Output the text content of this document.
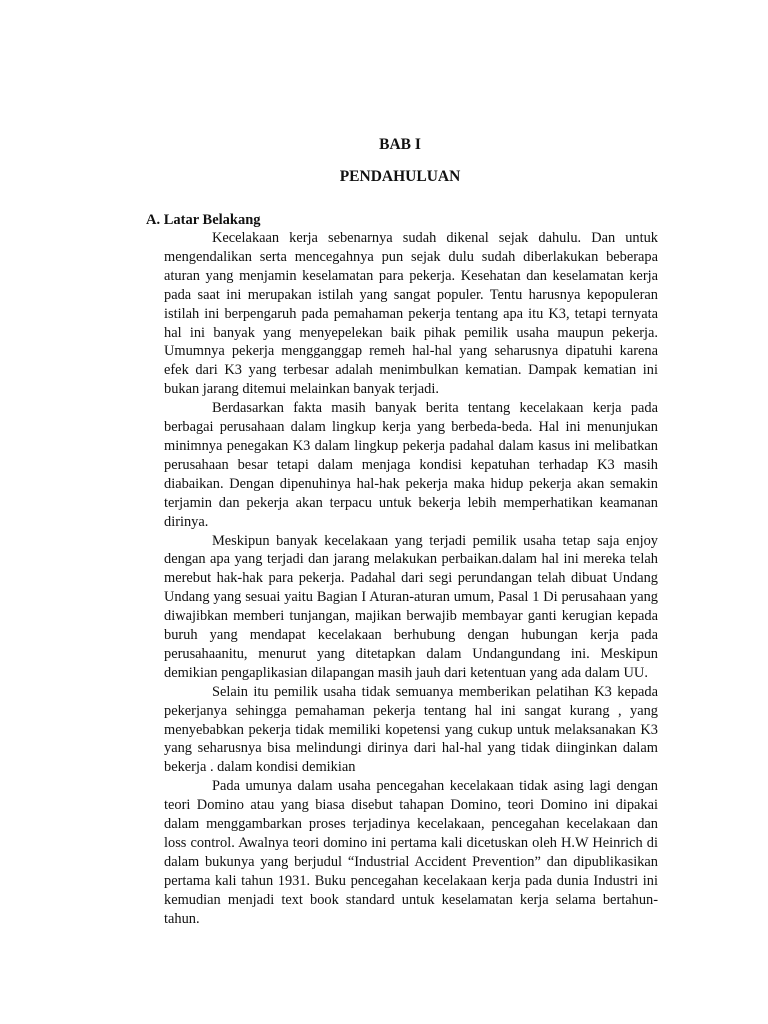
BAB I
PENDAHULUAN
A. Latar Belakang

Kecelakaan kerja sebenarnya sudah dikenal sejak dahulu. Dan untuk mengendalikan serta mencegahnya pun sejak dulu sudah diberlakukan beberapa aturan yang menjamin keselamatan para pekerja. Kesehatan dan keselamatan kerja pada saat ini merupakan istilah yang sangat populer. Tentu harusnya kepopuleran istilah ini berpengaruh pada pemahaman pekerja tentang apa itu K3, tetapi ternyata hal ini banyak yang menyepelekan baik pihak pemilik usaha maupun pekerja. Umumnya pekerja mengganggap remeh hal-hal yang seharusnya dipatuhi karena efek dari K3 yang terbesar adalah menimbulkan kematian. Dampak kematian ini bukan jarang ditemui melainkan banyak terjadi.

Berdasarkan fakta masih banyak berita tentang kecelakaan kerja pada berbagai perusahaan dalam lingkup kerja yang berbeda-beda. Hal ini menunjukan minimnya penegakan K3 dalam lingkup pekerja padahal dalam kasus ini melibatkan perusahaan besar tetapi dalam menjaga kondisi kepatuhan terhadap K3 masih diabaikan. Dengan dipenuhinya hal-hak pekerja maka hidup pekerja akan semakin terjamin dan pekerja akan terpacu untuk bekerja lebih memperhatikan keamanan dirinya.

Meskipun banyak kecelakaan yang terjadi pemilik usaha tetap saja enjoy dengan apa yang terjadi dan jarang melakukan perbaikan.dalam hal ini mereka telah merebut hak-hak para pekerja. Padahal dari segi perundangan telah dibuat Undang Undang yang sesuai yaitu Bagian I Aturan-aturan umum, Pasal 1 Di perusahaan yang diwajibkan memberi tunjangan, majikan berwajib membayar ganti kerugian kepada buruh yang mendapat kecelakaan berhubung dengan hubungan kerja pada perusahaanitu, menurut yang ditetapkan dalam Undangundang ini. Meskipun demikian pengaplikasian dilapangan masih jauh dari ketentuan yang ada dalam UU.

Selain itu pemilik usaha tidak semuanya memberikan pelatihan K3 kepada pekerjanya sehingga pemahaman pekerja tentang hal ini sangat kurang , yang menyebabkan pekerja tidak memiliki kopetensi yang cukup untuk melaksanakan K3 yang seharusnya bisa melindungi dirinya dari hal-hal yang tidak diinginkan dalam bekerja . dalam kondisi demikian

Pada umunya dalam usaha pencegahan kecelakaan tidak asing lagi dengan teori Domino atau yang biasa disebut tahapan Domino, teori Domino ini dipakai dalam menggambarkan proses terjadinya kecelakaan, pencegahan kecelakaan dan loss control. Awalnya teori domino ini pertama kali dicetuskan oleh H.W Heinrich di dalam bukunya yang berjudul “Industrial Accident Prevention” dan dipublikasikan pertama kali tahun 1931. Buku pencegahan kecelakaan kerja pada dunia Industri ini kemudian menjadi text book standard untuk keselamatan kerja selama bertahun-tahun.
